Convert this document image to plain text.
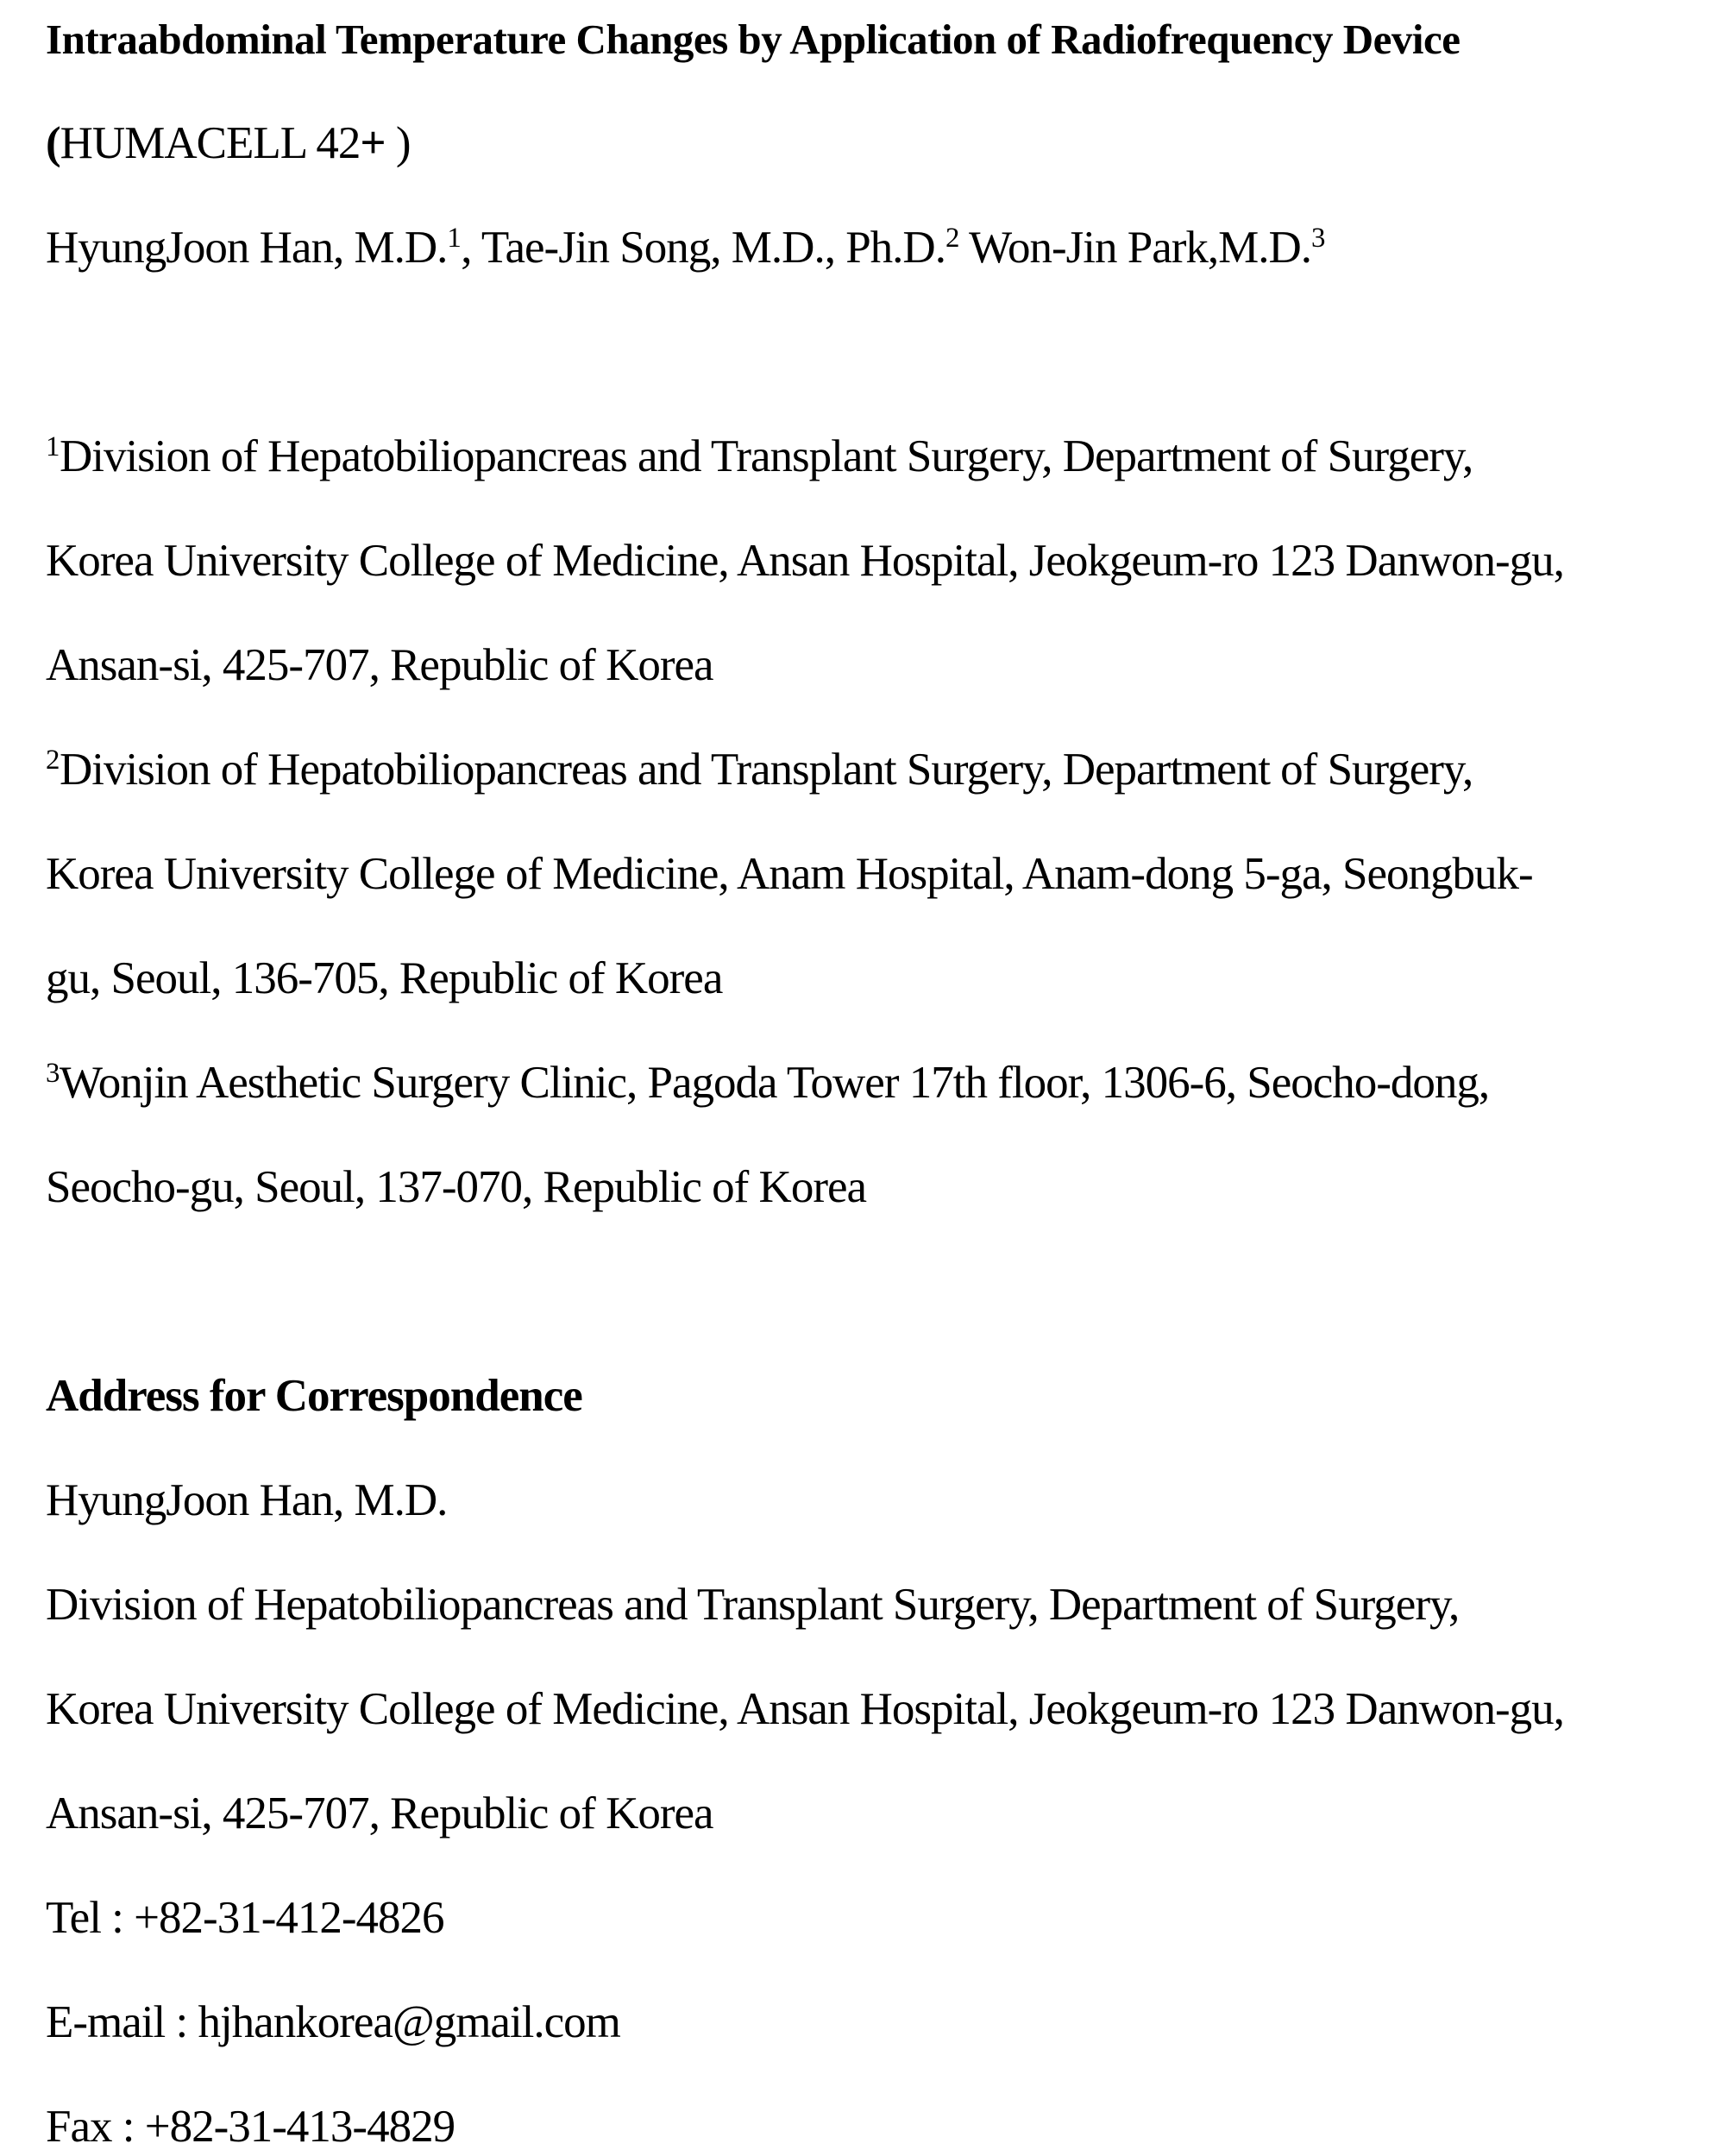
Intraabdominal Temperature Changes by Application of Radiofrequency Device
(HUMACELL 42+ )
HyungJoon Han, M.D.$^1$, Tae-Jin Song, M.D., Ph.D.$^2$ Won-Jin Park,M.D.$^3$
$^1$Division of Hepatobiliopancreas and Transplant Surgery, Department of Surgery,
Korea University College of Medicine, Ansan Hospital, Jeokgeum-ro 123 Danwon-gu,
Ansan-si, 425-707, Republic of Korea
$^2$Division of Hepatobiliopancreas and Transplant Surgery, Department of Surgery,
Korea University College of Medicine, Anam Hospital, Anam-dong 5-ga, Seongbuk-
gu, Seoul, 136-705, Republic of Korea
$^3$Wonjin Aesthetic Surgery Clinic, Pagoda Tower 17th floor, 1306-6, Seocho-dong,
Seocho-gu, Seoul, 137-070, Republic of Korea
Address for Correspondence
HyungJoon Han, M.D.
Division of Hepatobiliopancreas and Transplant Surgery, Department of Surgery,
Korea University College of Medicine, Ansan Hospital, Jeokgeum-ro 123 Danwon-gu,
Ansan-si, 425-707, Republic of Korea
Tel : +82-31-412-4826
E-mail : hjhankorea@gmail.com
Fax : +82-31-413-4829
